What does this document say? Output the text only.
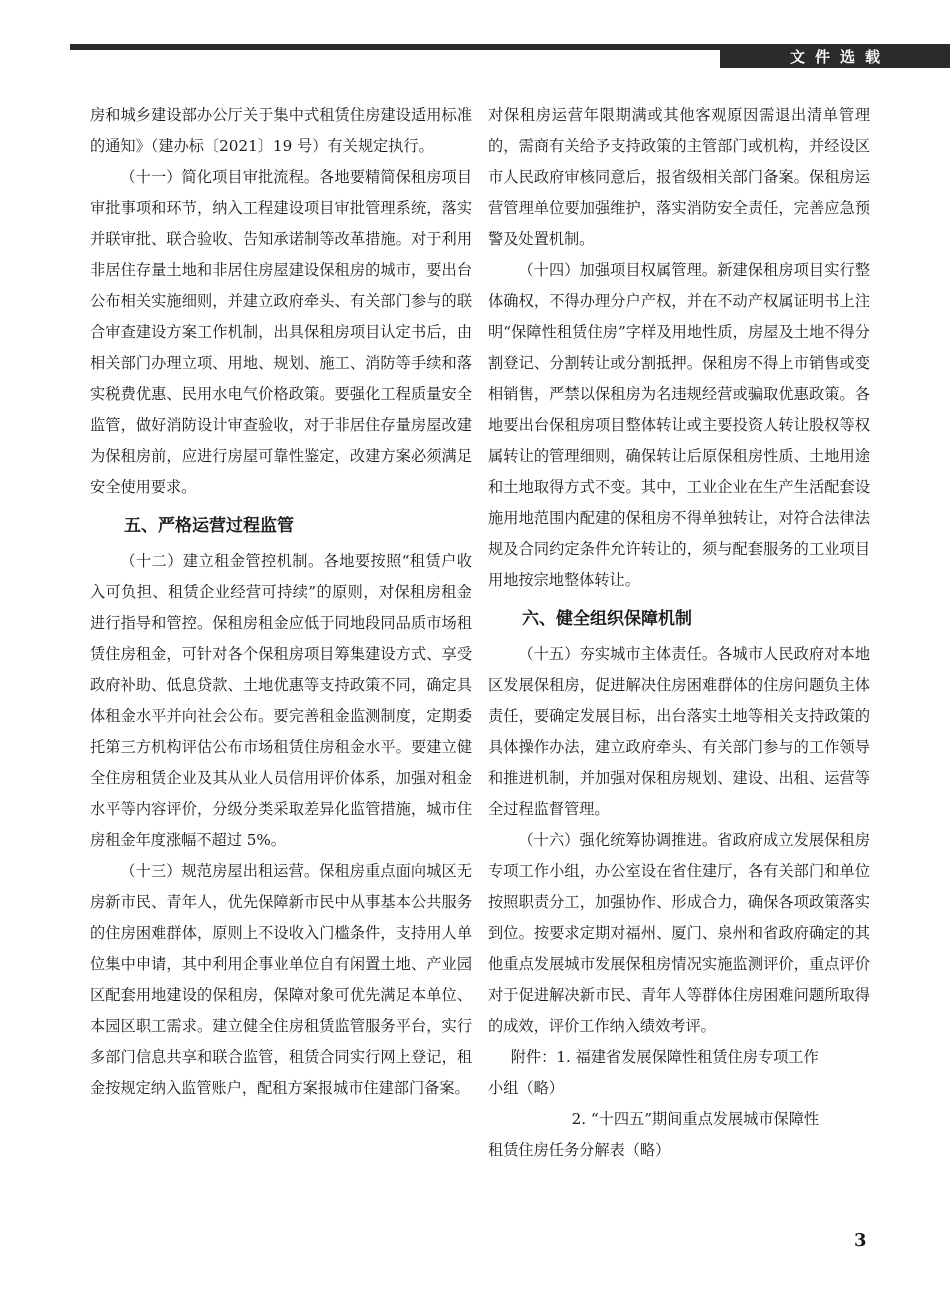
文件选载

房和城乡建设部办公厅关于集中式租赁住房建设适用标准的通知》（建办标〔2021〕19 号）有关规定执行。

（十一）简化项目审批流程。各地要精简保租房项目审批事项和环节，纳入工程建设项目审批管理系统，落实并联审批、联合验收、告知承诺制等改革措施。对于利用非居住存量土地和非居住房屋建设保租房的城市，要出台公布相关实施细则，并建立政府牵头、有关部门参与的联合审查建设方案工作机制，出具保租房项目认定书后，由相关部门办理立项、用地、规划、施工、消防等手续和落实税费优惠、民用水电气价格政策。要强化工程质量安全监管，做好消防设计审查验收，对于非居住存量房屋改建为保租房前，应进行房屋可靠性鉴定，改建方案必须满足安全使用要求。

五、严格运营过程监管

（十二）建立租金管控机制。各地要按照“租赁户收入可负担、租赁企业经营可持续”的原则，对保租房租金进行指导和管控。保租房租金应低于同地段同品质市场租赁住房租金，可针对各个保租房项目筹集建设方式、享受政府补助、低息贷款、土地优惠等支持政策不同，确定具体租金水平并向社会公布。要完善租金监测制度，定期委托第三方机构评估公布市场租赁住房租金水平。要建立健全住房租赁企业及其从业人员信用评价体系，加强对租金水平等内容评价，分级分类采取差异化监管措施，城市住房租金年度涨幅不超过 5%。

（十三）规范房屋出租运营。保租房重点面向城区无房新市民、青年人，优先保障新市民中从事基本公共服务的住房困难群体，原则上不设收入门槛条件，支持用人单位集中申请，其中利用企事业单位自有闲置土地、产业园区配套用地建设的保租房，保障对象可优先满足本单位、本园区职工需求。建立健全住房租赁监管服务平台，实行多部门信息共享和联合监管，租赁合同实行网上登记，租金按规定纳入监管账户，配租方案报城市住建部门备案。

对保租房运营年限期满或其他客观原因需退出清单管理的，需商有关给予支持政策的主管部门或机构，并经设区市人民政府审核同意后，报省级相关部门备案。保租房运营管理单位要加强维护，落实消防安全责任，完善应急预警及处置机制。

（十四）加强项目权属管理。新建保租房项目实行整体确权，不得办理分户产权，并在不动产权属证明书上注明“保障性租赁住房”字样及用地性质，房屋及土地不得分割登记、分割转让或分割抵押。保租房不得上市销售或变相销售，严禁以保租房为名违规经营或骗取优惠政策。各地要出台保租房项目整体转让或主要投资人转让股权等权属转让的管理细则，确保转让后原保租房性质、土地用途和土地取得方式不变。其中，工业企业在生产生活配套设施用地范围内配建的保租房不得单独转让，对符合法律法规及合同约定条件允许转让的，须与配套服务的工业项目用地按宗地整体转让。

六、健全组织保障机制

（十五）夯实城市主体责任。各城市人民政府对本地区发展保租房，促进解决住房困难群体的住房问题负主体责任，要确定发展目标，出台落实土地等相关支持政策的具体操作办法，建立政府牵头、有关部门参与的工作领导和推进机制，并加强对保租房规划、建设、出租、运营等全过程监督管理。

（十六）强化统筹协调推进。省政府成立发展保租房专项工作小组，办公室设在省住建厅，各有关部门和单位按照职责分工，加强协作、形成合力，确保各项政策落实到位。按要求定期对福州、厦门、泉州和省政府确定的其他重点发展城市发展保租房情况实施监测评价，重点评价对于促进解决新市民、青年人等群体住房困难问题所取得的成效，评价工作纳入绩效考评。

附件：1. 福建省发展保障性租赁住房专项工作
小组（略）
2. “十四五”期间重点发展城市保障性
租赁住房任务分解表（略）
3
